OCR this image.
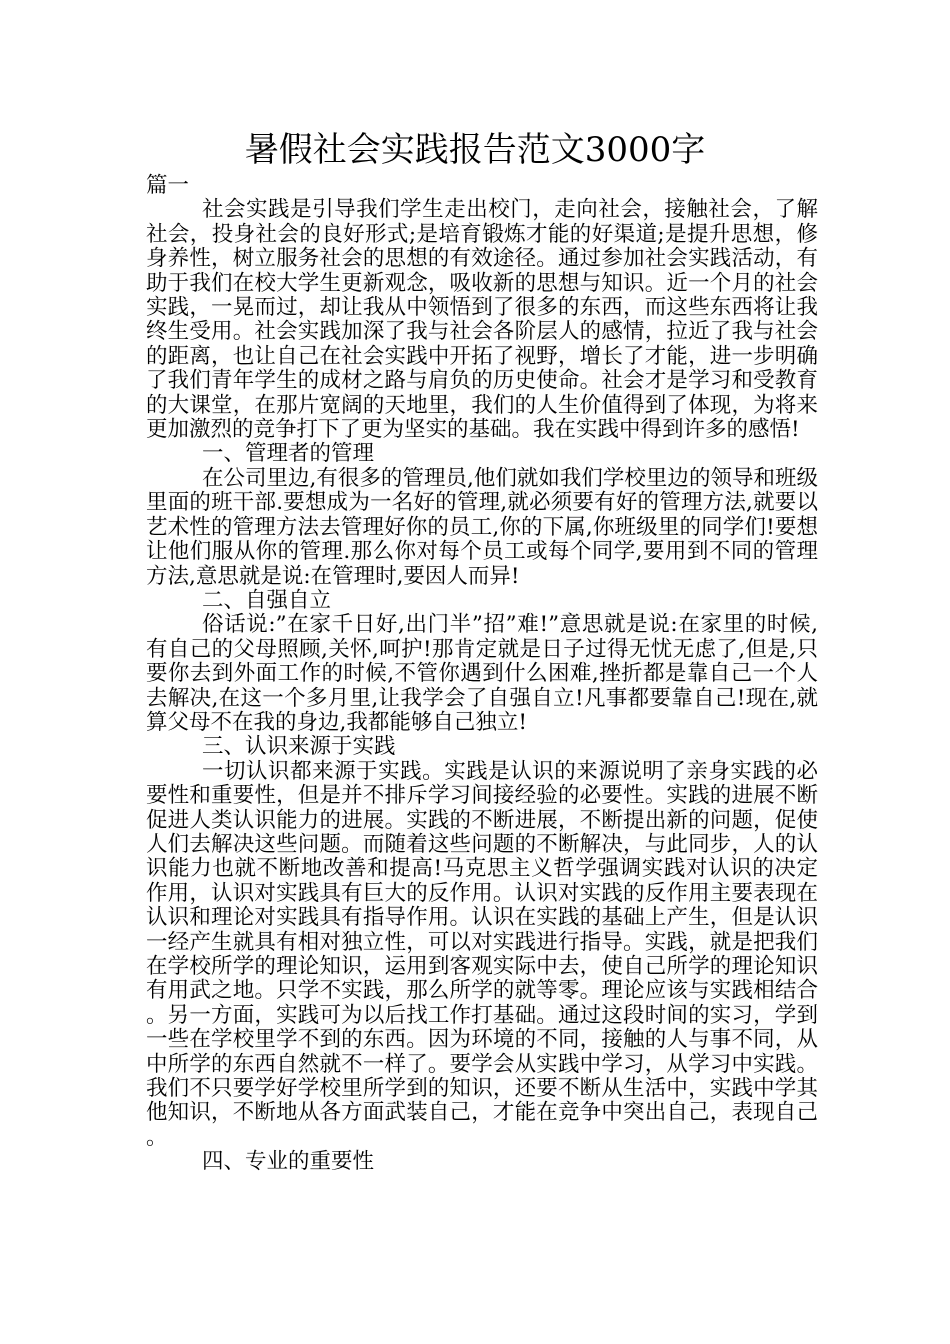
暑假社会实践报告范文3000字

篇一

社会实践是引导我们学生走出校门，走向社会，接触社会，了解社会，投身社会的良好形式;是培育锻炼才能的好渠道;是提升思想，修身养性，树立服务社会的思想的有效途径。通过参加社会实践活动，有助于我们在校大学生更新观念，吸收新的思想与知识。近一个月的社会实践，一晃而过，却让我从中领悟到了很多的东西，而这些东西将让我终生受用。社会实践加深了我与社会各阶层人的感情，拉近了我与社会的距离，也让自己在社会实践中开拓了视野，增长了才能，进一步明确了我们青年学生的成材之路与肩负的历史使命。社会才是学习和受教育的大课堂，在那片宽阔的天地里，我们的人生价值得到了体现，为将来更加激烈的竞争打下了更为坚实的基础。我在实践中得到许多的感悟!

一、管理者的管理

在公司里边,有很多的管理员,他们就如我们学校里边的领导和班级里面的班干部.要想成为一名好的管理,就必须要有好的管理方法,就要以艺术性的管理方法去管理好你的员工,你的下属,你班级里的同学们!要想让他们服从你的管理.那么你对每个员工或每个同学,要用到不同的管理方法,意思就是说:在管理时,要因人而异!

二、自强自立

俗话说:”在家千日好,出门半”招”难!”意思就是说:在家里的时候,有自己的父母照顾,关怀,呵护!那肯定就是日子过得无忧无虑了,但是,只要你去到外面工作的时候,不管你遇到什么困难,挫折都是靠自己一个人去解决,在这一个多月里,让我学会了自强自立!凡事都要靠自己!现在,就算父母不在我的身边,我都能够自己独立!

三、认识来源于实践

一切认识都来源于实践。实践是认识的来源说明了亲身实践的必要性和重要性，但是并不排斥学习间接经验的必要性。实践的进展不断促进人类认识能力的进展。实践的不断进展，不断提出新的问题，促使人们去解决这些问题。而随着这些问题的不断解决，与此同步，人的认识能力也就不断地改善和提高!马克思主义哲学强调实践对认识的决定作用，认识对实践具有巨大的反作用。认识对实践的反作用主要表现在认识和理论对实践具有指导作用。认识在实践的基础上产生，但是认识一经产生就具有相对独立性，可以对实践进行指导。实践，就是把我们在学校所学的理论知识，运用到客观实际中去，使自己所学的理论知识有用武之地。只学不实践，那么所学的就等零。理论应该与实践相结合。另一方面，实践可为以后找工作打基础。通过这段时间的实习，学到一些在学校里学不到的东西。因为环境的不同，接触的人与事不同，从中所学的东西自然就不一样了。要学会从实践中学习，从学习中实践。我们不只要学好学校里所学到的知识，还要不断从生活中，实践中学其他知识，不断地从各方面武装自己，才能在竞争中突出自己，表现自己。

四、专业的重要性
